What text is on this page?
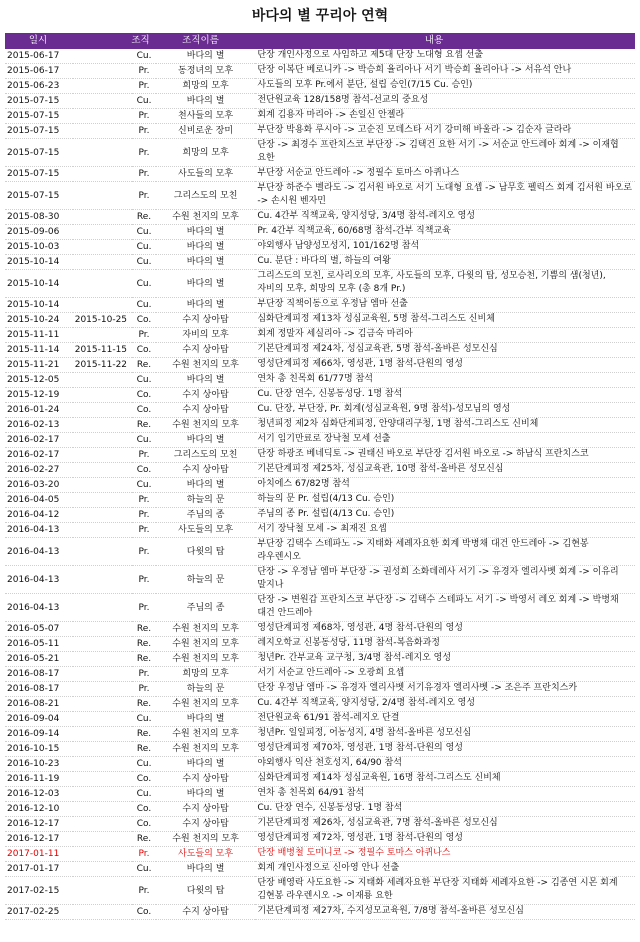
바다의 별 꾸리아 연혁
일시	조직	조직이름	내용
2015-06-17		Cu.	바다의 별	단장 개인사정으로 사임하고 제5대 단장 노대형 요셉 선출
2015-06-17		Pr.	동정녀의 모후	단장 이복단 베로니카 -> 박승희 율리아나 서기 박승희 율리아나 -> 서유석 안나
2015-06-23		Pr.	희망의 모후	사도들의 모후 Pr.에서 분단, 설립 승인(7/15 Cu. 승인)
2015-07-15		Cu.	바다의 별	전단원교육 128/158명 참석-선교의 중요성
2015-07-15		Pr.	천사들의 모후	회계 김용자 마리아 -> 손일신 안젤라
2015-07-15		Pr.	신비로운 장미	부단장 박용화 루시아 -> 고순진 모데스타 서기 강미해 바울라 -> 김순자 글라라
2015-07-15		Pr.	희망의 모후	단장 -> 최경수 프란치스코 부단장 -> 김택건 요한 서기 -> 서순교 안드레아 회계 -> 이재협 요한
2015-07-15		Pr.	사도들의 모후	부단장 서순교 안드레아 -> 정필수 토마스 아퀴나스
2015-07-15		Pr.	그리스도의 모친	부단장 하준수 벨라도 -> 김서원 바오로 서기 노대형 요셉 -> 남무호 펠릭스 회계 김서원 바오로 -> 손시원 벤자민
2015-08-30		Re.	수원 천지의 모후	Cu. 4간부 직책교육, 양지성당, 3/4명 참석-레지오 영성
2015-09-06		Cu.	바다의 별	Pr. 4간부 직책교육, 60/68명 참석-간부 직책교육
2015-10-03		Cu.	바다의 별	야외행사 남양성모성지, 101/162명 참석
2015-10-14		Cu.	바다의 별	Cu. 분단 : 바다의 별, 하늘의 여왕
2015-10-14		Cu.	바다의 별	그리스도의 모친, 로사리오의 모후, 사도들의 모후, 다윗의 탑, 성모승천, 기쁨의 샘(청년), 자비의 모후, 희망의 모후 (총 8개 Pr.)
2015-10-14		Cu.	바다의 별	부단장 직책이동으로 우정남 엠마 선출
2015-10-24	2015-10-25	Co.	수지 상아탑	심화단계피정 제13차 성심교육원, 5명 참석-그리스도 신비체
2015-11-11		Pr.	자비의 모후	회계 정말자 세실리아 -> 김금숙 마리아
2015-11-14	2015-11-15	Co.	수지 상아탑	기본단계피정 제24차, 성심교육관, 5명 참석-올바른 성모신심
2015-11-21	2015-11-22	Re.	수원 천지의 모후	영성단계피정 제66차, 영성관, 1명 참석-단원의 영성
2015-12-05		Cu.	바다의 별	연차 총 친목회 61/77명 참석
2015-12-19		Co.	수지 상아탑	Cu. 단장 연수, 신봉동성당. 1명 참석
2016-01-24		Co.	수지 상아탑	Cu. 단장, 부단장, Pr. 회계(성심교육원, 9명 참석)-성모님의 영성
2016-02-13		Re.	수원 천지의 모후	청년피정 제2차 심화단계피정, 안양대리구청, 1명 참석-그리스도 신비체
2016-02-17		Cu.	바다의 별	서기 임기만료로 장낙철 모세 선출
2016-02-17		Pr.	그리스도의 모친	단장 하광조 베네딕토 -> 권태신 바오로 부단장 김서원 바오로 -> 하남식 프란치스코
2016-02-27		Co.	수지 상아탑	기본단계피정 제25차, 성심교육관, 10명 참석-올바른 성모신심
2016-03-20		Cu.	바다의 별	아치에스 67/82명 참석
2016-04-05		Pr.	하늘의 문	하늘의 문 Pr. 설립(4/13 Cu. 승인)
2016-04-12		Pr.	주님의 종	주님의 종 Pr. 설립(4/13 Cu. 승인)
2016-04-13		Pr.	사도들의 모후	서기 장낙철 모세 -> 최재진 요셉
2016-04-13		Pr.	다윗의 탑	부단장 김택수 스테파노 -> 지태화 세례자요한 회계 박병채 대건 안드레아 -> 김현봉 라우렌시오
2016-04-13		Pr.	하늘의 문	단장 -> 우정남 엠마 부단장 -> 권성희 소화데레사 서기 -> 유경자 엘리사벳 회계 -> 이유리 말지나
2016-04-13		Pr.	주님의 종	단장 -> 변원갑 프란치스코 부단장 -> 김택수 스테파노 서기 -> 박영서 레오 회계 -> 박병채 대건 안드레아
2016-05-07		Re.	수원 천지의 모후	영성단계피정 제68차, 영성관, 4명 참석-단원의 영성
2016-05-11		Re.	수원 천지의 모후	레지오학교 신봉동성당, 11명 참석-복음화과정
2016-05-21		Re.	수원 천지의 모후	청년Pr. 간부교육 교구청, 3/4명 참석-레지오 영성
2016-08-17		Pr.	희망의 모후	서기 서순교 안드레아 -> 오광희 요셉
2016-08-17		Pr.	하늘의 문	단장 우정남 엠마 -> 유경자 엘리사벳 서기유경자 엘리사벳 -> 조은주 프란치스카
2016-08-21		Re.	수원 천지의 모후	Cu. 4간부 직책교육, 양지성당, 2/4명 참석-레지오 영성
2016-09-04		Cu.	바다의 별	전단원교육 61/91 참석-레지오 단결
2016-09-14		Re.	수원 천지의 모후	청년Pr. 일일피정, 어농성지, 4명 참석-올바른 성모신심
2016-10-15		Re.	수원 천지의 모후	영성단계피정 제70차, 영성관, 1명 참석-단원의 영성
2016-10-23		Cu.	바다의 별	야외행사 익산 천호성지, 64/90 참석
2016-11-19		Co.	수지 상아탑	심화단계피정 제14차 성심교육원, 16명 참석-그리스도 신비체
2016-12-03		Cu.	바다의 별	연차 총 친목회 64/91 참석
2016-12-10		Co.	수지 상아탑	Cu. 단장 연수, 신봉동성당. 1명 참석
2016-12-17		Co.	수지 상아탑	기본단계피정 제26차, 성심교육관, 7명 참석-올바른 성모신심
2016-12-17		Re.	수원 천지의 모후	영성단계피정 제72차, 영성관, 1명 참석-단원의 영성
2017-01-11		Pr.	사도들의 모후	단장 배병철 도미니코 -> 정필수 토마스 아퀴나스
2017-01-17		Cu.	바다의 별	회계 개인사정으로 신아영 안나 선출
2017-02-15		Pr.	다윗의 탑	단장 배영락 사도요한 -> 지태화 세례자요한 부단장 지태화 세례자요한 -> 김종연 시몬 회계 김현봉 라우렌시오 -> 이재룡 요한
2017-02-25		Co.	수지 상아탑	기본단계피정 제27차, 수지성모교육원, 7/8명 참석-올바른 성모신심
